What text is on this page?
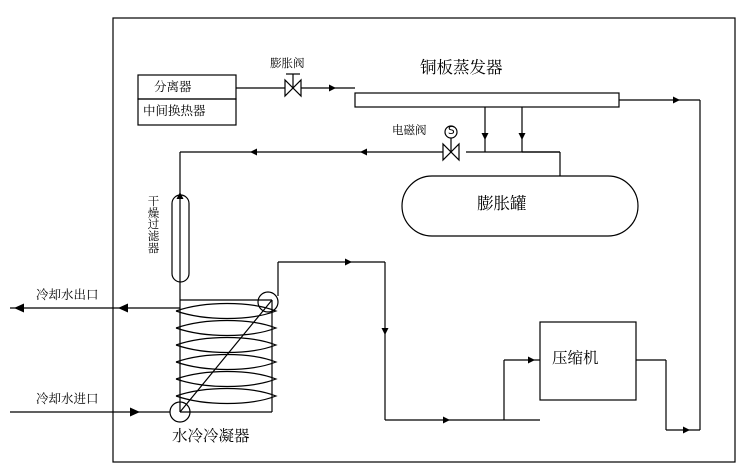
分离器
中间换热器
膨胀阀	铜板蒸发器
电磁阀 S
膨胀罐
干燥过滤器
冷却水出口
冷却水进口
水冷冷凝器
压缩机
